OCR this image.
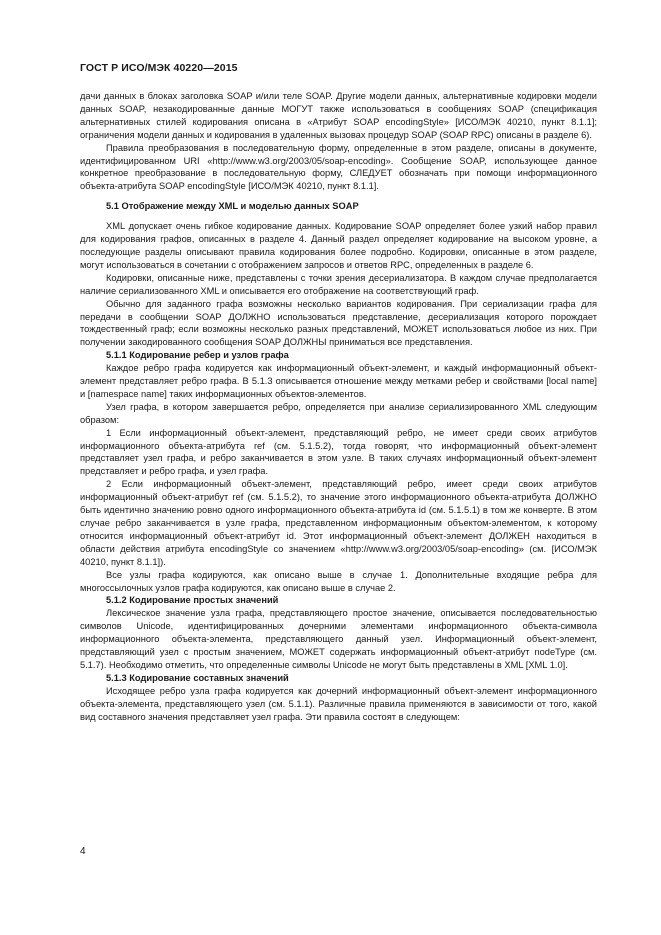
ГОСТ Р ИСО/МЭК 40220—2015

дачи данных в блоках заголовка SOAP и/или теле SOAP. Другие модели данных, альтернативные кодировки модели данных SOAP, незакодированные данные МОГУТ также использоваться в сообщениях SOAP (спецификация альтернативных стилей кодирования описана в «Атрибут SOAP encodingStyle» [ИСО/МЭК 40210, пункт 8.1.1]; ограничения модели данных и кодирования в удаленных вызовах процедур SOAP (SOAP RPC) описаны в разделе 6).

Правила преобразования в последовательную форму, определенные в этом разделе, описаны в документе, идентифицированном URI «http://www.w3.org/2003/05/soap-encoding». Сообщение SOAP, использующее данное конкретное преобразование в последовательную форму, СЛЕДУЕТ обозначать при помощи информационного объекта-атрибута SOAP encodingStyle [ИСО/МЭК 40210, пункт 8.1.1].

5.1 Отображение между XML и моделью данных SOAP

XML допускает очень гибкое кодирование данных. Кодирование SOAP определяет более узкий набор правил для кодирования графов, описанных в разделе 4. Данный раздел определяет кодирование на высоком уровне, а последующие разделы описывают правила кодирования более подробно. Кодировки, описанные в этом разделе, могут использоваться в сочетании с отображением запросов и ответов RPC, определенных в разделе 6.

Кодировки, описанные ниже, представлены с точки зрения десериализатора. В каждом случае предполагается наличие сериализованного XML и описывается его отображение на соответствующий граф.

Обычно для заданного графа возможны несколько вариантов кодирования. При сериализации графа для передачи в сообщении SOAP ДОЛЖНО использоваться представление, десериализация которого порождает тождественный граф; если возможны несколько разных представлений, МОЖЕТ использоваться любое из них. При получении закодированного сообщения SOAP ДОЛЖНЫ приниматься все представления.

5.1.1 Кодирование ребер и узлов графа

Каждое ребро графа кодируется как информационный объект-элемент, и каждый информационный объект-элемент представляет ребро графа. В 5.1.3 описывается отношение между метками ребер и свойствами [local name] и [namespace name] таких информационных объектов-элементов.

Узел графа, в котором завершается ребро, определяется при анализе сериализированного XML следующим образом:

1 Если информационный объект-элемент, представляющий ребро, не имеет среди своих атрибутов информационного объекта-атрибута ref (см. 5.1.5.2), тогда говорят, что информационный объект-элемент представляет узел графа, и ребро заканчивается в этом узле. В таких случаях информационный объект-элемент представляет и ребро графа, и узел графа.

2 Если информационный объект-элемент, представляющий ребро, имеет среди своих атрибутов информационный объект-атрибут ref (см. 5.1.5.2), то значение этого информационного объекта-атрибута ДОЛЖНО быть идентично значению ровно одного информационного объекта-атрибута id (см. 5.1.5.1) в том же конверте. В этом случае ребро заканчивается в узле графа, представленном информационным объектом-элементом, к которому относится информационный объект-атрибут id. Этот информационный объект-элемент ДОЛЖЕН находиться в области действия атрибута encodingStyle со значением «http://www.w3.org/2003/05/soap-encoding» (см. [ИСО/МЭК 40210, пункт 8.1.1]).

Все узлы графа кодируются, как описано выше в случае 1. Дополнительные входящие ребра для многоссылочных узлов графа кодируются, как описано выше в случае 2.

5.1.2 Кодирование простых значений

Лексическое значение узла графа, представляющего простое значение, описывается последовательностью символов Unicode, идентифицированных дочерними элементами информационного объекта-символа информационного объекта-элемента, представляющего данный узел. Информационный объект-элемент, представляющий узел с простым значением, МОЖЕТ содержать информационный объект-атрибут nodeType (см. 5.1.7). Необходимо отметить, что определенные символы Unicode не могут быть представлены в XML [XML 1.0].

5.1.3 Кодирование составных значений

Исходящее ребро узла графа кодируется как дочерний информационный объект-элемент информационного объекта-элемента, представляющего узел (см. 5.1.1). Различные правила применяются в зависимости от того, какой вид составного значения представляет узел графа. Эти правила состоят в следующем:

4
